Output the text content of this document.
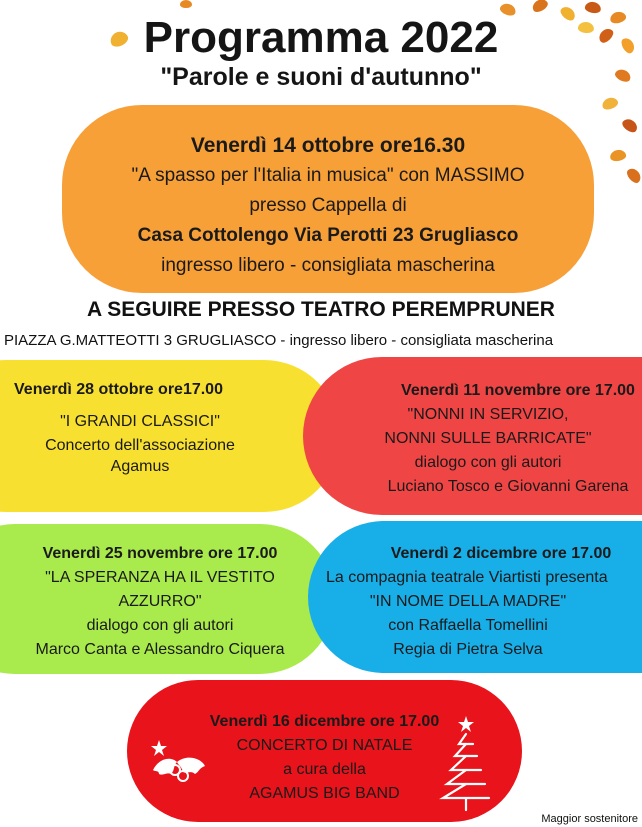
Programma 2022
"Parole e suoni d'autunno"
Venerdì 14 ottobre ore16.30
"A spasso per l'Italia in musica" con MASSIMO
presso Cappella di
Casa Cottolengo Via Perotti 23 Grugliasco
ingresso libero - consigliata mascherina
A SEGUIRE PRESSO TEATRO PEREMPRUNER
PIAZZA G.MATTEOTTI 3 GRUGLIASCO - ingresso libero - consigliata mascherina
Venerdì 28 ottobre ore17.00
"I GRANDI CLASSICI"
Concerto dell'associazione
Agamus
Venerdì 11 novembre ore 17.00
"NONNI IN SERVIZIO,
NONNI SULLE BARRICATE"
dialogo con gli autori
Luciano Tosco e Giovanni Garena
Venerdì 25 novembre ore 17.00
"LA SPERANZA HA IL VESTITO
AZZURRO"
dialogo con gli autori
Marco Canta e Alessandro Ciquera
Venerdì 2 dicembre ore 17.00
La compagnia teatrale Viartisti presenta
"IN NOME DELLA MADRE"
con Raffaella Tomellini
Regia di Pietra Selva
Venerdì 16 dicembre ore 17.00
CONCERTO DI NATALE
a cura della
AGAMUS BIG BAND
Maggior sostenitore
